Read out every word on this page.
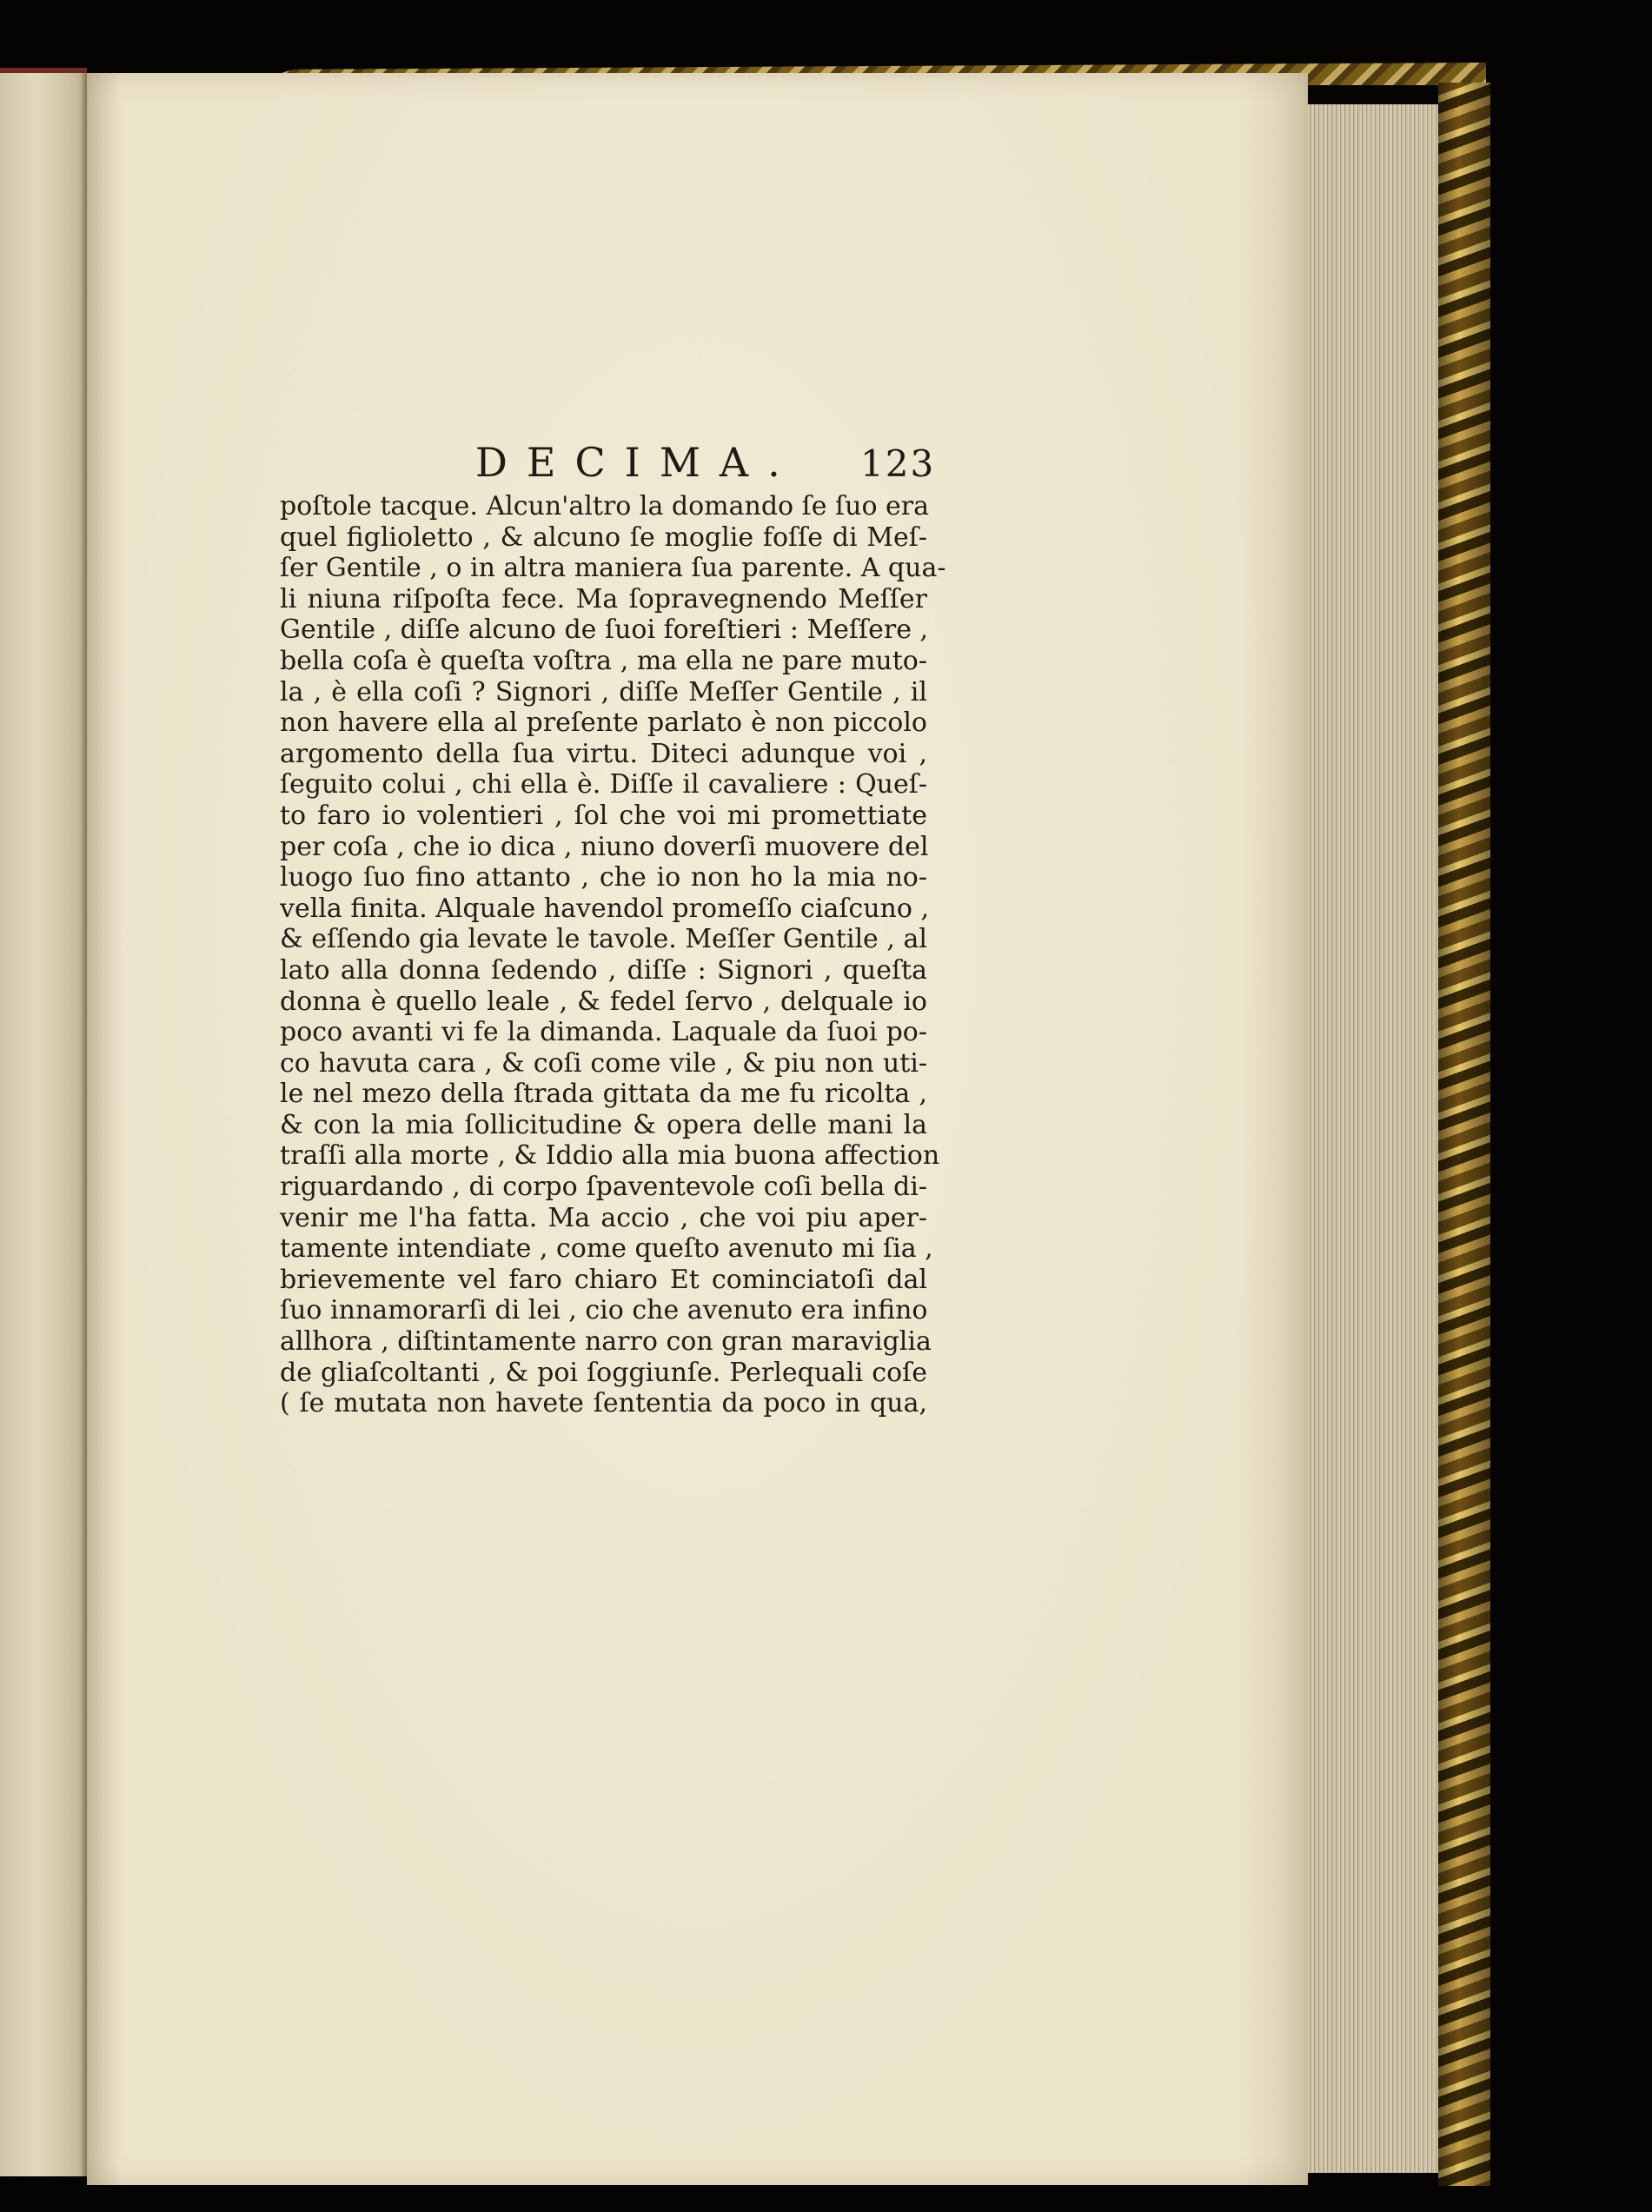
DECIMA. 123
poſtole tacque. Alcun'altro la domando ſe ſuo era
quel figlioletto , & alcuno ſe moglie foſſe di Meſ-
ſer Gentile , o in altra maniera ſua parente. A qua-
li niuna riſpoſta fece. Ma ſopravegnendo Meſſer
Gentile , diſſe alcuno de ſuoi foreſtieri : Meſſere ,
bella coſa è queſta voſtra , ma ella ne pare muto-
la , è ella coſi ? Signori , diſſe Meſſer Gentile , il
non havere ella al preſente parlato è non piccolo
argomento della ſua virtu. Diteci adunque voi ,
ſeguito colui , chi ella è. Diſſe il cavaliere : Queſ-
to faro io volentieri , ſol che voi mi promettiate
per coſa , che io dica , niuno doverſi muovere del
luogo ſuo fino attanto , che io non ho la mia no-
vella finita. Alquale havendol promeſſo ciaſcuno ,
& eſſendo gia levate le tavole. Meſſer Gentile , al
lato alla donna ſedendo , diſſe : Signori , queſta
donna è quello leale , & fedel ſervo , delquale io
poco avanti vi fe la dimanda. Laquale da ſuoi po-
co havuta cara , & coſi come vile , & piu non uti-
le nel mezo della ſtrada gittata da me fu ricolta ,
& con la mia ſollicitudine & opera delle mani la
traſſi alla morte , & Iddio alla mia buona affection
riguardando , di corpo ſpaventevole coſi bella di-
venir me l'ha fatta. Ma accio , che voi piu aper-
tamente intendiate , come queſto avenuto mi ſia ,
brievemente vel faro chiaro Et cominciatoſi dal
ſuo innamorarſi di lei , cio che avenuto era infino
allhora , diſtintamente narro con gran maraviglia
de gliaſcoltanti , & poi ſoggiunſe. Perlequali coſe
( ſe mutata non havete ſententia da poco in qua,
